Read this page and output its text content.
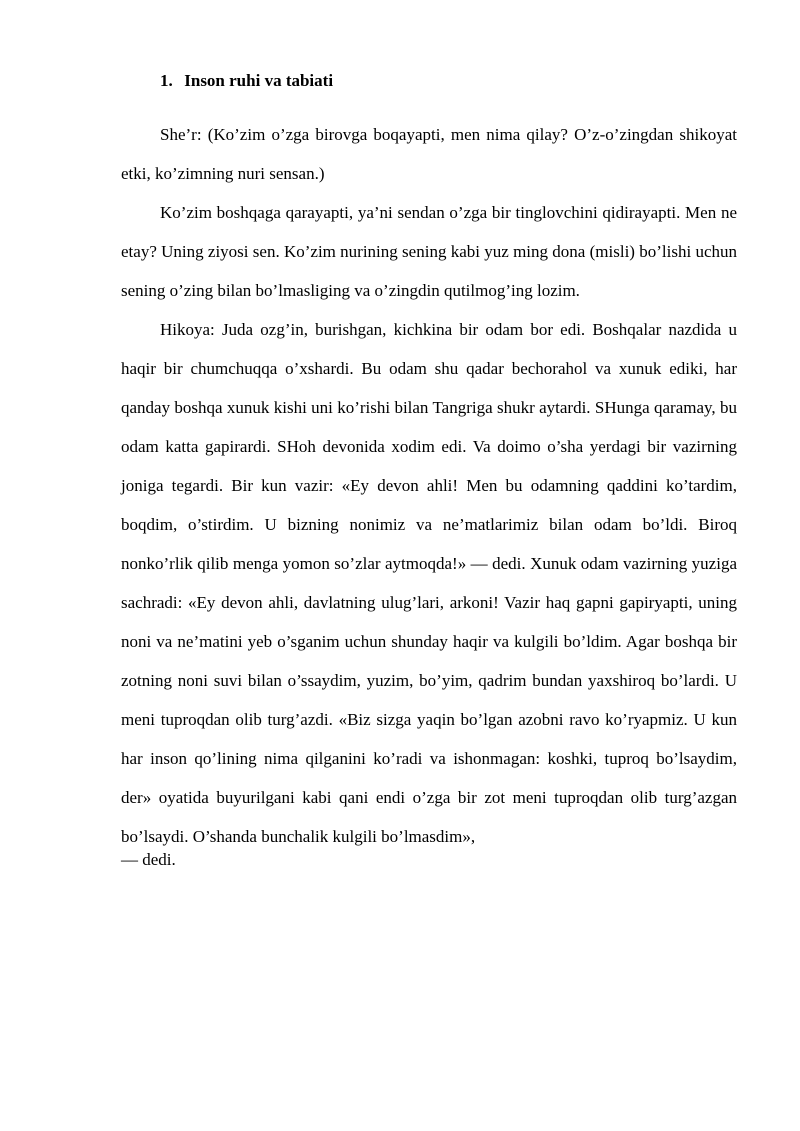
1. Inson ruhi va tabiati

She’r: (Ko’zim o’zga birovga boqayapti, men nima qilay? O’z-o’zingdan shikoyat etki, ko’zimning nuri sensan.)

Ko’zim boshqaga qarayapti, ya’ni sendan o’zga bir tinglovchini qidirayapti. Men ne etay? Uning ziyosi sen. Ko’zim nurining sening kabi yuz ming dona (misli) bo’lishi uchun sening o’zing bilan bo’lmasliging va o’zingdin qutilmog’ing lozim.

Hikoya: Juda ozg’in, burishgan, kichkina bir odam bor edi. Boshqalar nazdida u haqir bir chumchuqqa o’xshardi. Bu odam shu qadar bechorahol va xunuk ediki, har qanday boshqa xunuk kishi uni ko’rishi bilan Tangriga shukr aytardi. SHunga qaramay, bu odam katta gapirardi. SHoh devonida xodim edi. Va doimo o’sha yerdagi bir vazirning joniga tegardi. Bir kun vazir: «Ey devon ahli! Men bu odamning qaddini ko’tardim, boqdim, o’stirdim. U bizning nonimiz va ne’matlarimiz bilan odam bo’ldi. Biroq nonko’rlik qilib menga yomon so’zlar aytmoqda!» — dedi. Xunuk odam vazirning yuziga sachradi: «Ey devon ahli, davlatning ulug’lari, arkoni! Vazir haq gapni gapiryapti, uning noni va ne’matini yeb o’sganim uchun shunday haqir va kulgili bo’ldim. Agar boshqa bir zotning noni suvi bilan o’ssaydim, yuzim, bo’yim, qadrim bundan yaxshiroq bo’lardi. U meni tuproqdan olib turg’azdi. «Biz sizga yaqin bo’lgan azobni ravo ko’ryapmiz. U kun har inson qo’lining nima qilganini ko’radi va ishonmagan: koshki, tuproq bo’lsaydim, der» oyatida buyurilgani kabi qani endi o’zga bir zot meni tuproqdan olib turg’azgan bo’lsaydi. O’shanda bunchalik kulgili bo’lmasdim»,

— dedi.
